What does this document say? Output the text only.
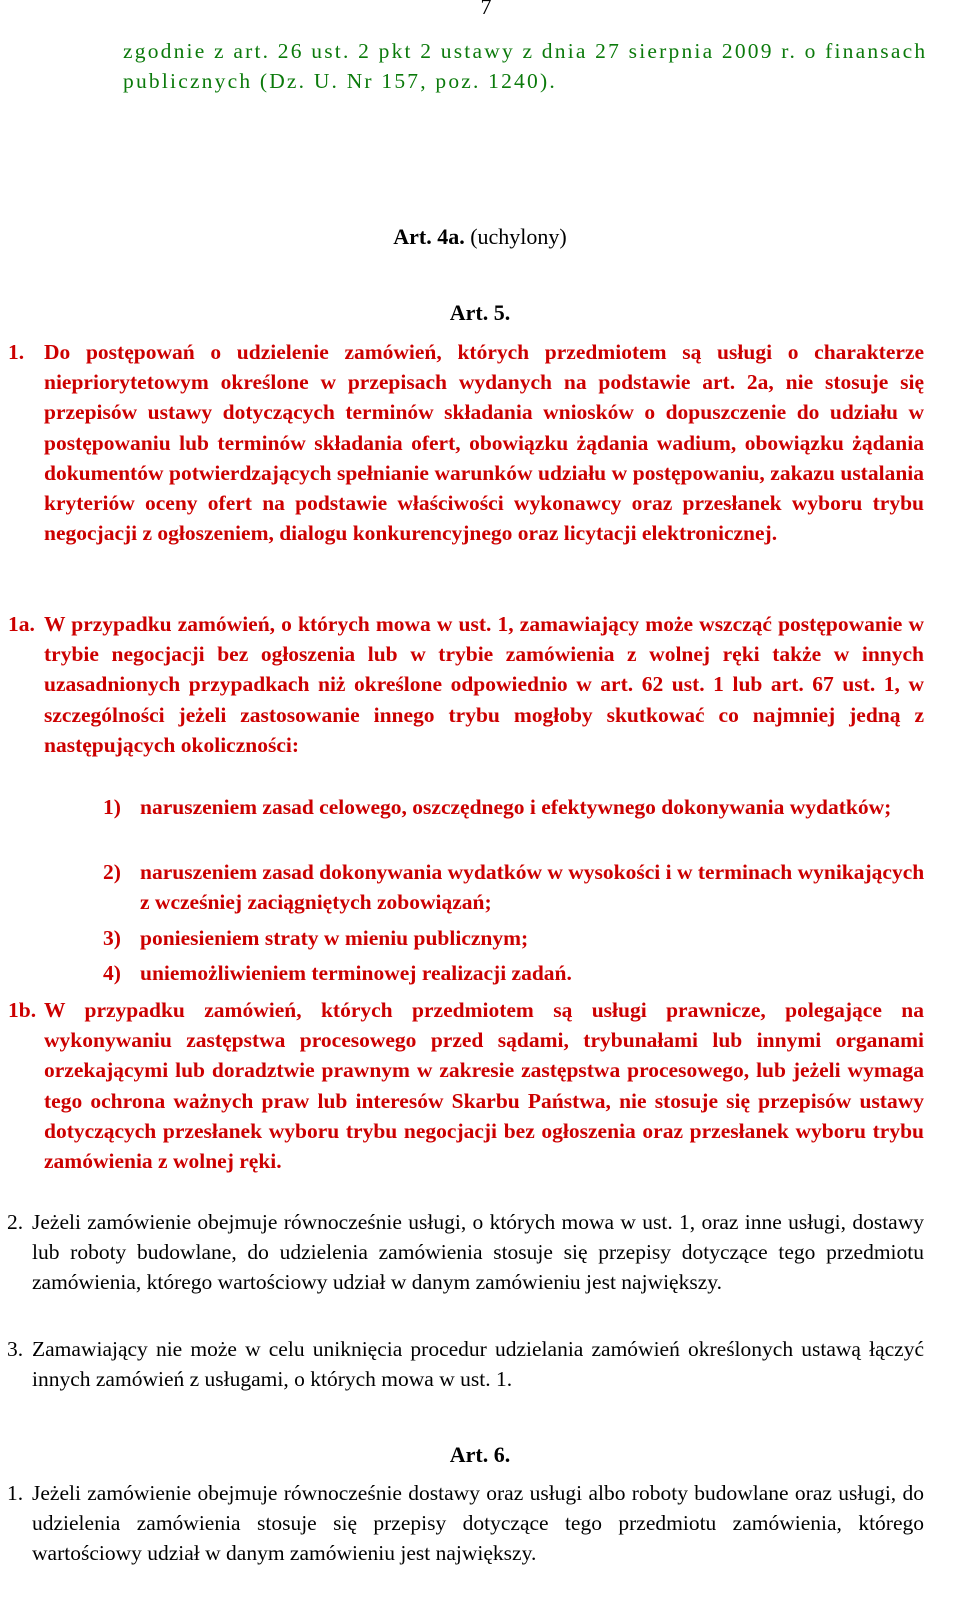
7
zgodnie z art. 26 ust. 2 pkt 2 ustawy z dnia 27 sierpnia 2009 r. o finansach publicznych (Dz. U. Nr 157, poz. 1240).
Art. 4a. (uchylony)
Art. 5.
1. Do postępowań o udzielenie zamówień, których przedmiotem są usługi o charakterze niepriorytetowym określone w przepisach wydanych na podstawie art. 2a, nie stosuje się przepisów ustawy dotyczących terminów składania wniosków o dopuszczenie do udziału w postępowaniu lub terminów składania ofert, obowiązku żądania wadium, obowiązku żądania dokumentów potwierdzających spełnianie warunków udziału w postępowaniu, zakazu ustalania kryteriów oceny ofert na podstawie właściwości wykonawcy oraz przesłanek wyboru trybu negocjacji z ogłoszeniem, dialogu konkurencyjnego oraz licytacji elektronicznej.
1a. W przypadku zamówień, o których mowa w ust. 1, zamawiający może wszcząć postępowanie w trybie negocjacji bez ogłoszenia lub w trybie zamówienia z wolnej ręki także w innych uzasadnionych przypadkach niż określone odpowiednio w art. 62 ust. 1 lub art. 67 ust. 1, w szczególności jeżeli zastosowanie innego trybu mogłoby skutkować co najmniej jedną z następujących okoliczności:
1) naruszeniem zasad celowego, oszczędnego i efektywnego dokonywania wydatków;
2) naruszeniem zasad dokonywania wydatków w wysokości i w terminach wynikających z wcześniej zaciągniętych zobowiązań;
3) poniesieniem straty w mieniu publicznym;
4) uniemożliwieniem terminowej realizacji zadań.
1b. W przypadku zamówień, których przedmiotem są usługi prawnicze, polegające na wykonywaniu zastępstwa procesowego przed sądami, trybunałami lub innymi organami orzekającymi lub doradztwie prawnym w zakresie zastępstwa procesowego, lub jeżeli wymaga tego ochrona ważnych praw lub interesów Skarbu Państwa, nie stosuje się przepisów ustawy dotyczących przesłanek wyboru trybu negocjacji bez ogłoszenia oraz przesłanek wyboru trybu zamówienia z wolnej ręki.
2. Jeżeli zamówienie obejmuje równocześnie usługi, o których mowa w ust. 1, oraz inne usługi, dostawy lub roboty budowlane, do udzielenia zamówienia stosuje się przepisy dotyczące tego przedmiotu zamówienia, którego wartościowy udział w danym zamówieniu jest największy.
3. Zamawiający nie może w celu uniknięcia procedur udzielania zamówień określonych ustawą łączyć innych zamówień z usługami, o których mowa w ust. 1.
Art. 6.
1. Jeżeli zamówienie obejmuje równocześnie dostawy oraz usługi albo roboty budowlane oraz usługi, do udzielenia zamówienia stosuje się przepisy dotyczące tego przedmiotu zamówienia, którego wartościowy udział w danym zamówieniu jest największy.
